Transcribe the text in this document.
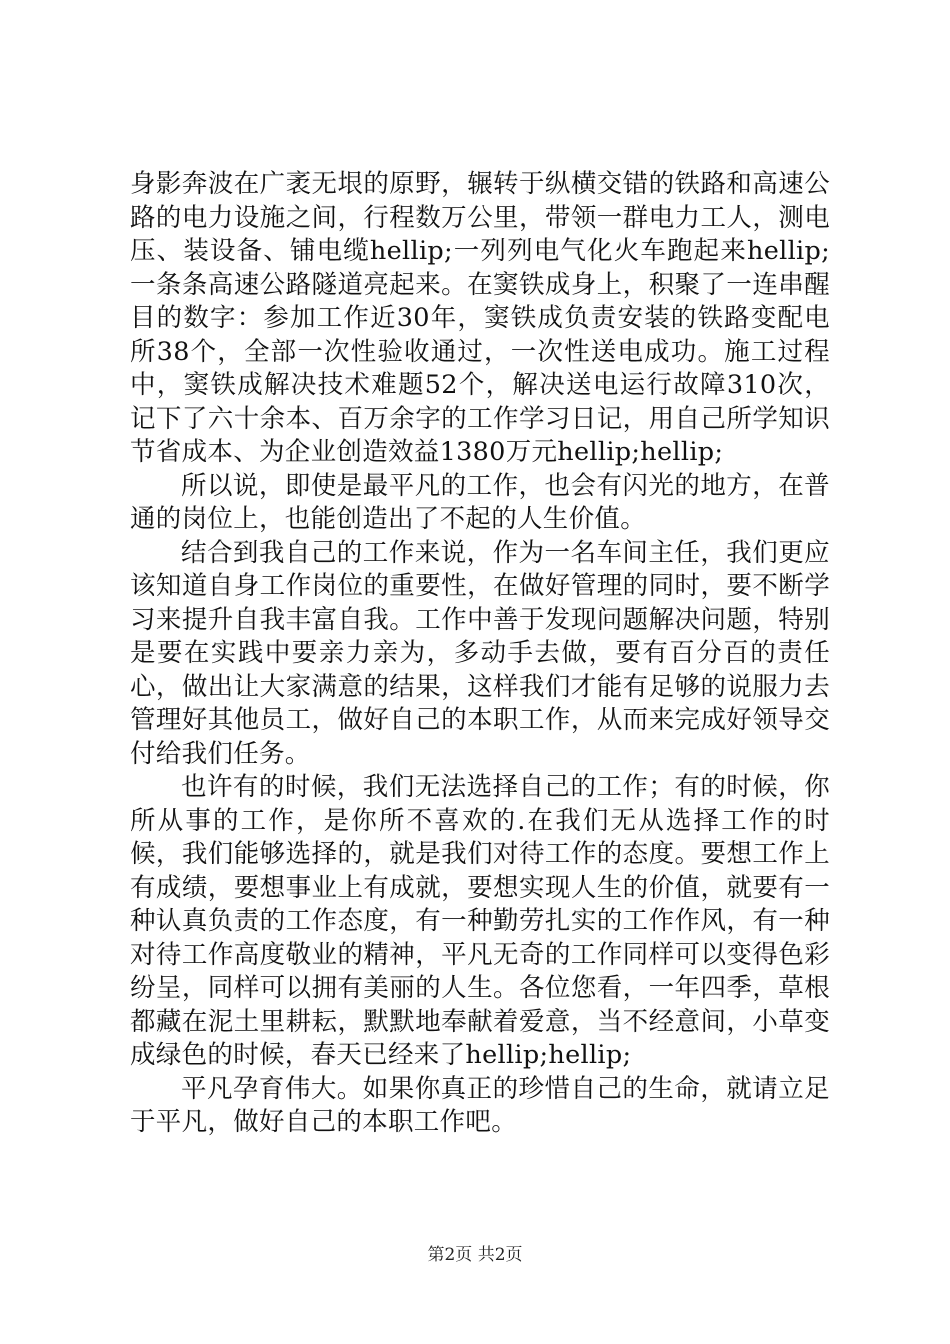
身影奔波在广袤无垠的原野，辗转于纵横交错的铁路和高速公路的电力设施之间，行程数万公里，带领一群电力工人，测电压、装设备、铺电缆hellip;一列列电气化火车跑起来hellip;一条条高速公路隧道亮起来。在窦铁成身上，积聚了一连串醒目的数字：参加工作近30年，窦铁成负责安装的铁路变配电所38个，全部一次性验收通过，一次性送电成功。施工过程中，窦铁成解决技术难题52个，解决送电运行故障310次，记下了六十余本、百万余字的工作学习日记，用自己所学知识节省成本、为企业创造效益1380万元hellip;hellip;

所以说，即使是最平凡的工作，也会有闪光的地方，在普通的岗位上，也能创造出了不起的人生价值。

结合到我自己的工作来说，作为一名车间主任，我们更应该知道自身工作岗位的重要性，在做好管理的同时，要不断学习来提升自我丰富自我。工作中善于发现问题解决问题，特别是要在实践中要亲力亲为，多动手去做，要有百分百的责任心，做出让大家满意的结果，这样我们才能有足够的说服力去管理好其他员工，做好自己的本职工作，从而来完成好领导交付给我们任务。

也许有的时候，我们无法选择自己的工作；有的时候，你所从事的工作，是你所不喜欢的.在我们无从选择工作的时候，我们能够选择的，就是我们对待工作的态度。要想工作上有成绩，要想事业上有成就，要想实现人生的价值，就要有一种认真负责的工作态度，有一种勤劳扎实的工作作风，有一种对待工作高度敬业的精神，平凡无奇的工作同样可以变得色彩纷呈，同样可以拥有美丽的人生。各位您看，一年四季，草根都藏在泥土里耕耘，默默地奉献着爱意，当不经意间，小草变成绿色的时候，春天已经来了hellip;hellip;

平凡孕育伟大。如果你真正的珍惜自己的生命，就请立足于平凡，做好自己的本职工作吧。

第2页 共2页
